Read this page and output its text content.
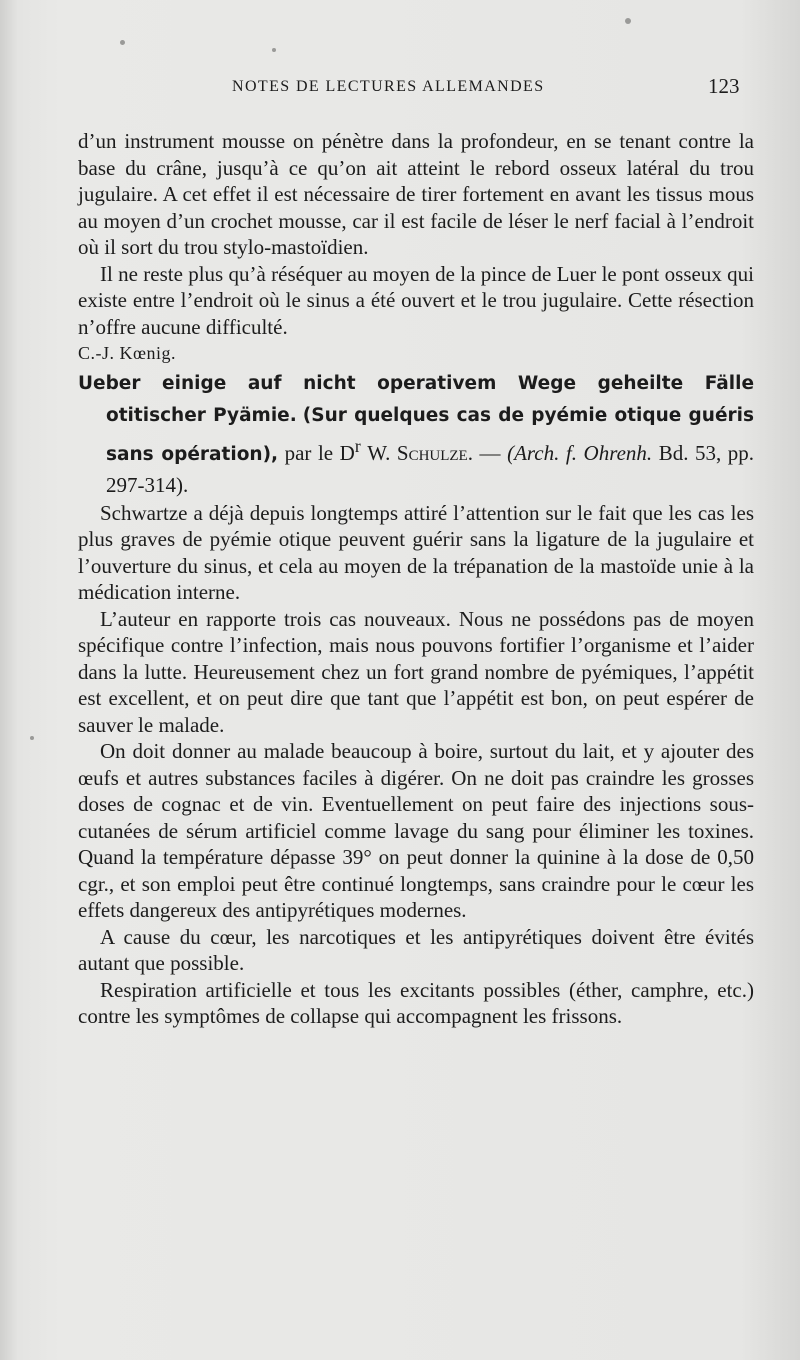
NOTES DE LECTURES ALLEMANDES	123

d’un instrument mousse on pénètre dans la profondeur, en se tenant contre la base du crâne, jusqu’à ce qu’on ait atteint le rebord osseux latéral du trou jugulaire. A cet effet il est nécessaire de tirer fortement en avant les tissus mous au moyen d’un crochet mousse, car il est facile de léser le nerf facial à l’endroit où il sort du trou stylo-mastoïdien.

Il ne reste plus qu’à réséquer au moyen de la pince de Luer le pont osseux qui existe entre l’endroit où le sinus a été ouvert et le trou jugulaire. Cette résection n’offre aucune difficulté.

C.-J. Kœnig.

Ueber einige auf nicht operativem Wege geheilte Fälle otitischer Pyämie. (Sur quelques cas de pyémie otique guéris sans opération), par le $D^r$ W. Schulze. — (Arch. f. Ohrenh. Bd. 53, pp. 297-314).

Schwartze a déjà depuis longtemps attiré l’attention sur le fait que les cas les plus graves de pyémie otique peuvent guérir sans la ligature de la jugulaire et l’ouverture du sinus, et cela au moyen de la trépanation de la mastoïde unie à la médication interne.

L’auteur en rapporte trois cas nouveaux. Nous ne possédons pas de moyen spécifique contre l’infection, mais nous pouvons fortifier l’organisme et l’aider dans la lutte. Heureusement chez un fort grand nombre de pyémiques, l’appétit est excellent, et on peut dire que tant que l’appétit est bon, on peut espérer de sauver le malade.

On doit donner au malade beaucoup à boire, surtout du lait, et y ajouter des œufs et autres substances faciles à digérer. On ne doit pas craindre les grosses doses de cognac et de vin. Eventuellement on peut faire des injections sous-cutanées de sérum artificiel comme lavage du sang pour éliminer les toxines. Quand la température dépasse 39° on peut donner la quinine à la dose de 0,50 cgr., et son emploi peut être continué longtemps, sans craindre pour le cœur les effets dangereux des antipyrétiques modernes.

A cause du cœur, les narcotiques et les antipyrétiques doivent être évités autant que possible.

Respiration artificielle et tous les excitants possibles (éther, camphre, etc.) contre les symptômes de collapse qui accompagnent les frissons.
